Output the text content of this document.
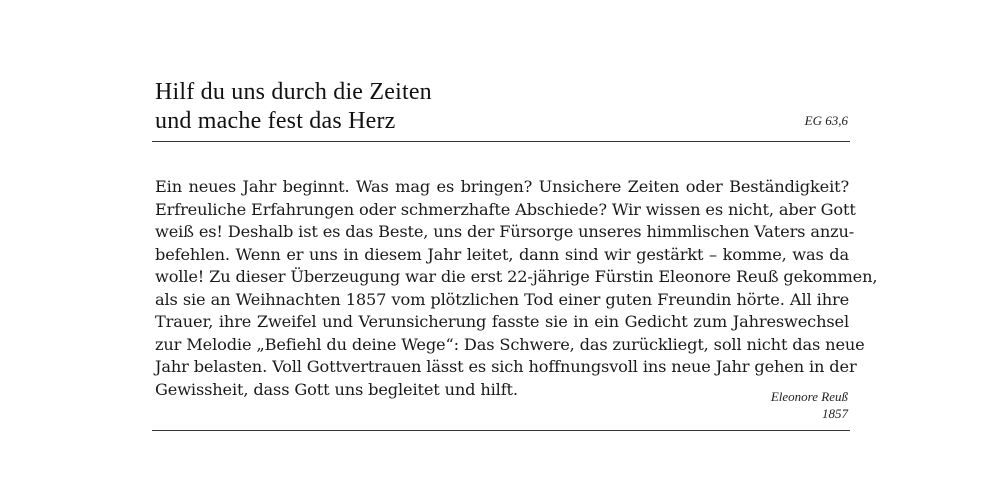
Hilf du uns durch die Zeiten
und mache fest das Herz	EG 63,6
Ein neues Jahr beginnt. Was mag es bringen? Unsichere Zeiten oder Beständigkeit?
Erfreuliche Erfahrungen oder schmerzhafte Abschiede? Wir wissen es nicht, aber Gott
weiß es! Deshalb ist es das Beste, uns der Fürsorge unseres himmlischen Vaters anzu-
befehlen. Wenn er uns in diesem Jahr leitet, dann sind wir gestärkt – komme, was da
wolle! Zu dieser Überzeugung war die erst 22-jährige Fürstin Eleonore Reuß gekommen,
als sie an Weihnachten 1857 vom plötzlichen Tod einer guten Freundin hörte. All ihre
Trauer, ihre Zweifel und Verunsicherung fasste sie in ein Gedicht zum Jahreswechsel
zur Melodie „Befiehl du deine Wege“: Das Schwere, das zurückliegt, soll nicht das neue
Jahr belasten. Voll Gottvertrauen lässt es sich hoffnungsvoll ins neue Jahr gehen in der
Gewissheit, dass Gott uns begleitet und hilft.	Eleonore Reuß
1857
